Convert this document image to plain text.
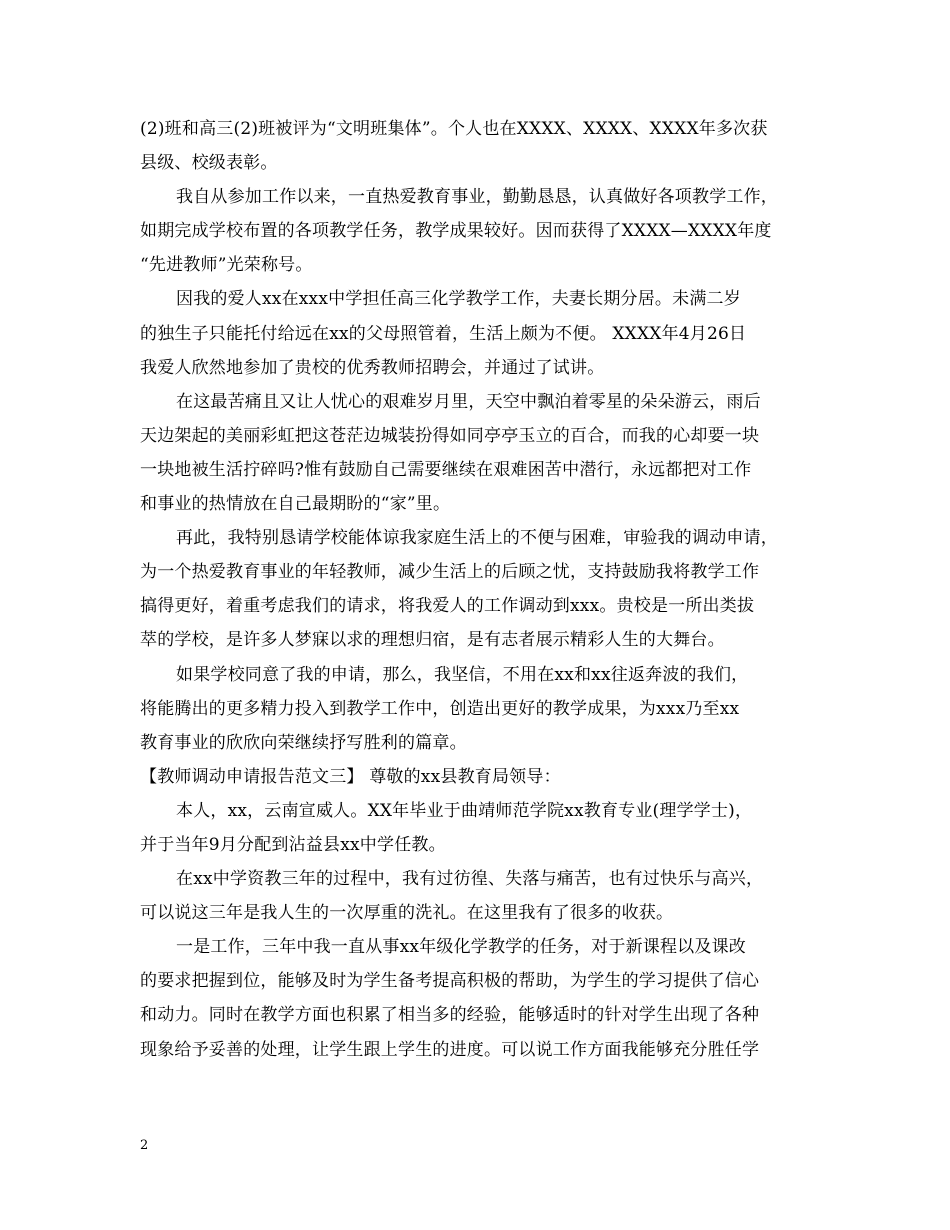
(2)班和高三(2)班被评为“文明班集体”。个人也在XXXX、XXXX、XXXX年多次获
县级、校级表彰。
我自从参加工作以来，一直热爱教育事业，勤勤恳恳，认真做好各项教学工作，
如期完成学校布置的各项教学任务，教学成果较好。因而获得了XXXX—XXXX年度
“先进教师”光荣称号。
因我的爱人xx在xxx中学担任高三化学教学工作，夫妻长期分居。未满二岁
的独生子只能托付给远在xx的父母照管着，生活上颇为不便。 XXXX年4月26日
我爱人欣然地参加了贵校的优秀教师招聘会，并通过了试讲。
在这最苦痛且又让人忧心的艰难岁月里，天空中飘泊着零星的朵朵游云，雨后
天边架起的美丽彩虹把这苍茫边城装扮得如同亭亭玉立的百合，而我的心却要一块
一块地被生活拧碎吗?惟有鼓励自己需要继续在艰难困苦中潜行，永远都把对工作
和事业的热情放在自己最期盼的“家”里。
再此，我特别恳请学校能体谅我家庭生活上的不便与困难，审验我的调动申请，
为一个热爱教育事业的年轻教师，减少生活上的后顾之忧，支持鼓励我将教学工作
搞得更好，着重考虑我们的请求，将我爱人的工作调动到xxx。贵校是一所出类拔
萃的学校，是许多人梦寐以求的理想归宿，是有志者展示精彩人生的大舞台。
如果学校同意了我的申请，那么，我坚信，不用在xx和xx往返奔波的我们，
将能腾出的更多精力投入到教学工作中，创造出更好的教学成果，为xxx乃至xx
教育事业的欣欣向荣继续抒写胜利的篇章。
【教师调动申请报告范文三】 尊敬的xx县教育局领导：
本人，xx，云南宣威人。XX年毕业于曲靖师范学院xx教育专业(理学学士)，
并于当年9月分配到沾益县xx中学任教。
在xx中学资教三年的过程中，我有过彷徨、失落与痛苦，也有过快乐与高兴，
可以说这三年是我人生的一次厚重的洗礼。在这里我有了很多的收获。
一是工作，三年中我一直从事xx年级化学教学的任务，对于新课程以及课改
的要求把握到位，能够及时为学生备考提高积极的帮助，为学生的学习提供了信心
和动力。同时在教学方面也积累了相当多的经验，能够适时的针对学生出现了各种
现象给予妥善的处理，让学生跟上学生的进度。可以说工作方面我能够充分胜任学
2
